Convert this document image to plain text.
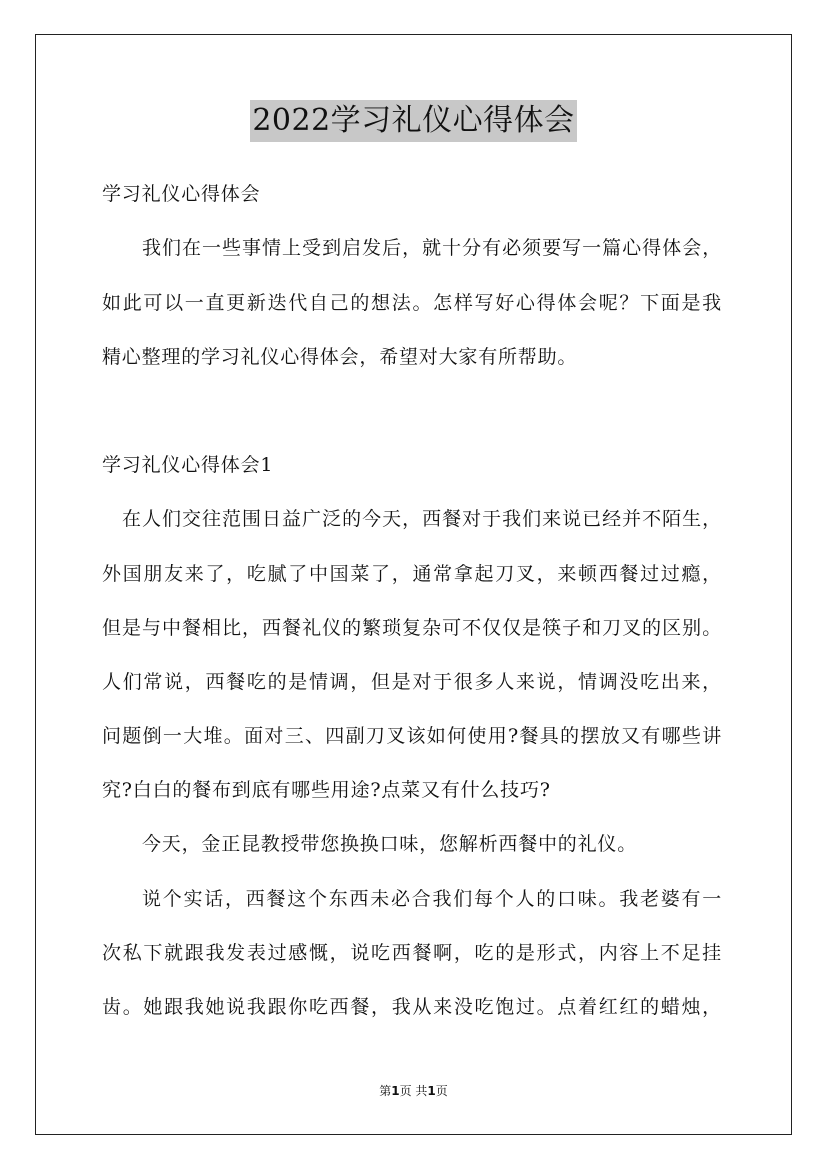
2022学习礼仪心得体会
学习礼仪心得体会
我们在一些事情上受到启发后，就十分有必须要写一篇心得体会，
如此可以一直更新迭代自己的想法。怎样写好心得体会呢？下面是我
精心整理的学习礼仪心得体会，希望对大家有所帮助。
学习礼仪心得体会1
在人们交往范围日益广泛的今天，西餐对于我们来说已经并不陌生，
外国朋友来了，吃腻了中国菜了，通常拿起刀叉，来顿西餐过过瘾，
但是与中餐相比，西餐礼仪的繁琐复杂可不仅仅是筷子和刀叉的区别。
人们常说，西餐吃的是情调，但是对于很多人来说，情调没吃出来，
问题倒一大堆。面对三、四副刀叉该如何使用?餐具的摆放又有哪些讲
究?白白的餐布到底有哪些用途?点菜又有什么技巧?
今天，金正昆教授带您换换口味，您解析西餐中的礼仪。
说个实话，西餐这个东西未必合我们每个人的口味。我老婆有一
次私下就跟我发表过感慨，说吃西餐啊，吃的是形式，内容上不足挂
齿。她跟我她说我跟你吃西餐，我从来没吃饱过。点着红红的蜡烛，
第1页 共1页
